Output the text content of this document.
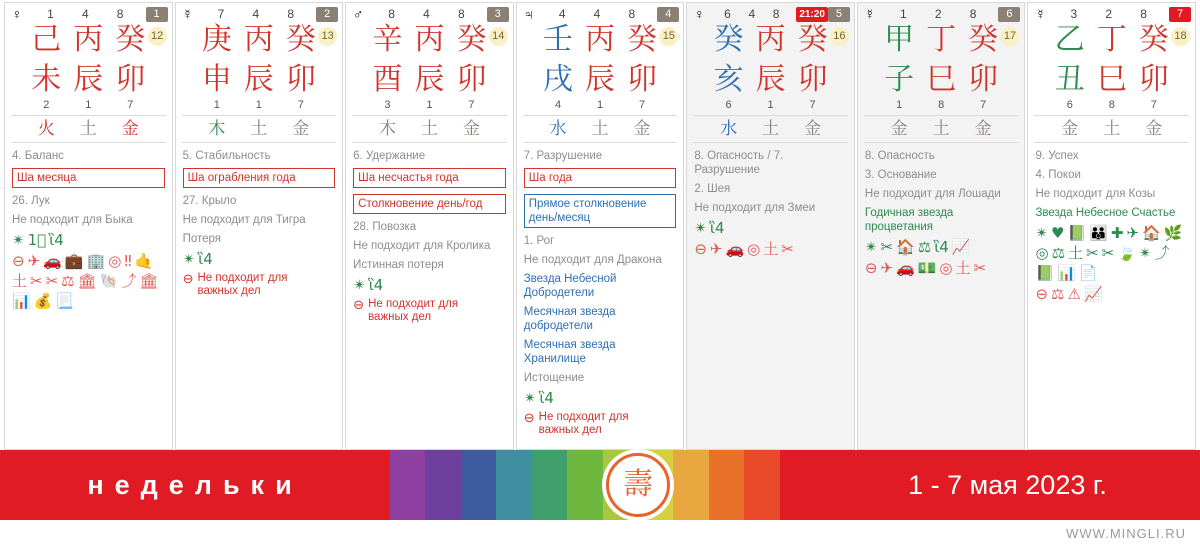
♀	1	4	8	1
己 丙 癸 12
未 辰 卯
2	1	7
火	土	金
4. Баланс
Ша месяца
26. Лук
Не подходит для Быка
✴ 1⃞ ἳ4
⊖ ✈ 🚗 💼 🏢 ◎ ‼ 🤙
土 ✂ ✂ ⚖ 🏛 🐚 ⤴ 🏛
📊 💰 📃
☿	7	4	8	2
庚 丙 癸 13
申 辰 卯
1	1	7
木	土	金
5. Стабильность
Ша ограбления года
27. Крыло
Не подходит для Тигра
Потеря
✴ ἳ4
⊖ Не подходит для
важных дел
♂	8	4	8	3
辛 丙 癸 14
酉 辰 卯
3	1	7
木	土	金
6. Удержание
Ша несчастья года
Столкновение день/год
28. Повозка
Не подходит для Кролика
Истинная потеря
✴ ἳ4
⊖ Не подходит для
важных дел
♃	4	4	8	4
壬 丙 癸 15
戌 辰 卯
4	1	7
水	土	金
7. Разрушение
Ша года
Прямое столкновение день/месяц
1. Рог
Не подходит для Дракона
Звезда Небесной Добродетели
Месячная звезда добродетели
Месячная звезда Хранилище
Истощение
✴ ἳ4
⊖ Не подходит для
важных дел
♀	6	4	8	21:20 5
癸 丙 癸 16
亥 辰 卯
6	1	7
水	土	金
8. Опасность / 7. Разрушение
2. Шея
Не подходит для Змеи
✴ ἳ4
⊖ ✈ 🚗 ◎ 土 ✂
☿	1	2	8	6
甲 丁 癸 17
子 巳 卯
1	8	7
金	土	金
8. Опасность
3. Основание
Не подходит для Лошади
Годичная звезда процветания
✴ ✂ 🏠 ⚖ ἳ4 📈
⊖ ✈ 🚗 💵 ◎ 土 ✂
☿	3	2	8	7
乙 丁 癸 18
丑 巳 卯
6	8	7
金	土	金
9. Успех
4. Покои
Не подходит для Козы
Звезда Небесное Счастье
✴ ♥ 📗 👪 ✚ ✈ 🏠 🌿
◎ ⚖ 土 ✂ ✂ 🍃 ✴ ⤴
📗 📊 📄
⊖ ⚖ ⚠ 📈
壽
недельки	1 - 7 мая 2023 г.
WWW.MINGLI.RU
